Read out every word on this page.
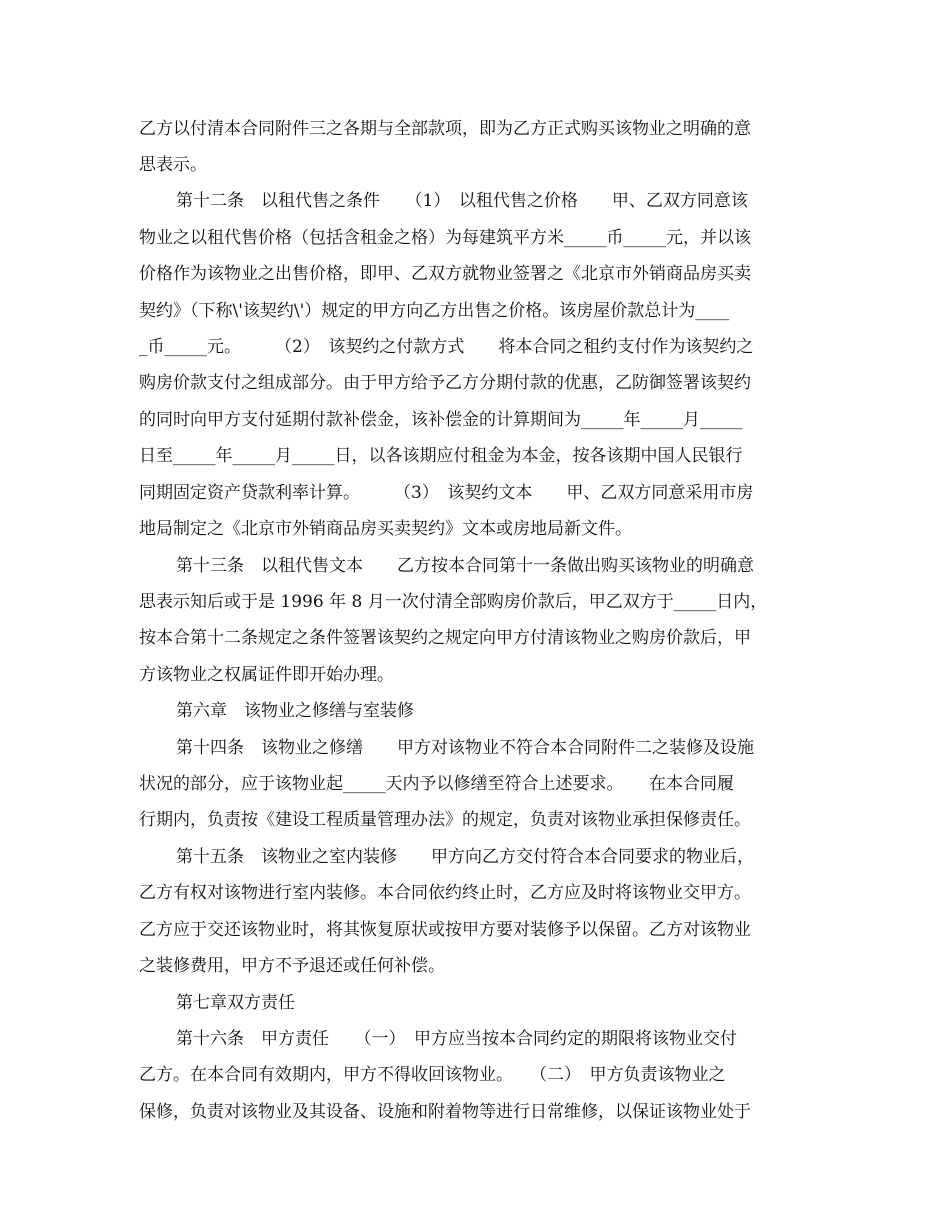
乙方以付清本合同附件三之各期与全部款项，即为乙方正式购买该物业之明确的意
思表示。
第十二条　以租代售之条件　　（1）　以租代售之价格　　甲、乙双方同意该
物业之以租代售价格（包括含租金之格）为每建筑平方米_____币_____元，并以该
价格作为该物业之出售价格，即甲、乙双方就物业签署之《北京市外销商品房买卖
契约》（下称\'该契约\'）规定的甲方向乙方出售之价格。该房屋价款总计为____
_币_____元。　　　（2）　该契约之付款方式　　将本合同之租约支付作为该契约之
购房价款支付之组成部分。由于甲方给予乙方分期付款的优惠，乙防御签署该契约
的同时向甲方支付延期付款补偿金，该补偿金的计算期间为_____年_____月_____
日至_____年_____月_____日，以各该期应付租金为本金，按各该期中国人民银行
同期固定资产贷款利率计算。　　　（3）　该契约文本　　甲、乙双方同意采用市房
地局制定之《北京市外销商品房买卖契约》文本或房地局新文件。
第十三条　以租代售文本　　乙方按本合同第十一条做出购买该物业的明确意
思表示知后或于是 1996 年 8 月一次付清全部购房价款后，甲乙双方于_____日内，
按本合第十二条规定之条件签署该契约之规定向甲方付清该物业之购房价款后，甲
方该物业之权属证件即开始办理。
第六章　该物业之修缮与室装修
第十四条　该物业之修缮　　甲方对该物业不符合本合同附件二之装修及设施
状况的部分，应于该物业起_____天内予以修缮至符合上述要求。　　在本合同履
行期内，负责按《建设工程质量管理办法》的规定，负责对该物业承担保修责任。
第十五条　该物业之室内装修　　甲方向乙方交付符合本合同要求的物业后，
乙方有权对该物进行室内装修。本合同依约终止时，乙方应及时将该物业交甲方。
乙方应于交还该物业时，将其恢复原状或按甲方要对装修予以保留。乙方对该物业
之装修费用，甲方不予退还或任何补偿。
第七章双方责任
第十六条　甲方责任　　（一）　甲方应当按本合同约定的期限将该物业交付
乙方。在本合同有效期内，甲方不得收回该物业。　　（二）　甲方负责该物业之
保修，负责对该物业及其设备、设施和附着物等进行日常维修，以保证该物业处于
